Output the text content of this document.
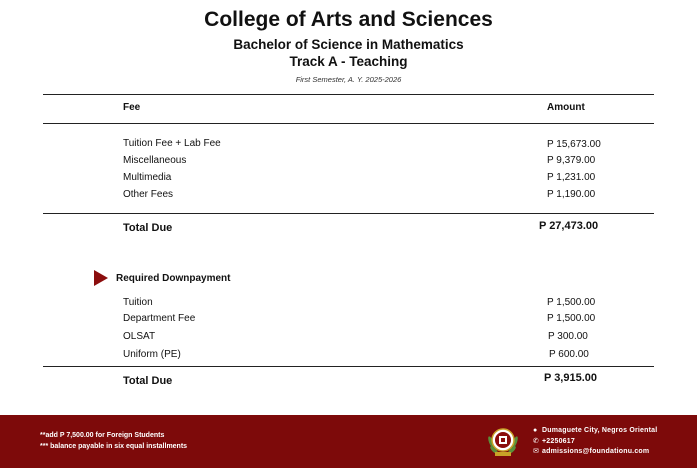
College of Arts and Sciences
Bachelor of Science in Mathematics
Track A - Teaching
First Semester, A. Y. 2025-2026
Fee	Amount
Tuition Fee + Lab Fee	P 15,673.00
Miscellaneous	P 9,379.00
Multimedia	P 1,231.00
Other Fees	P 1,190.00
Total Due	P 27,473.00
Required Downpayment
Tuition	P 1,500.00
Department Fee	P 1,500.00
OLSAT	P 300.00
Uniform (PE)	P 600.00
Total Due	P 3,915.00
**add P 7,500.00 for Foreign Students
*** balance payable in six equal installments
● Dumaguete City, Negros Oriental
✆ +2250617
✉ admissions@foundationu.com
